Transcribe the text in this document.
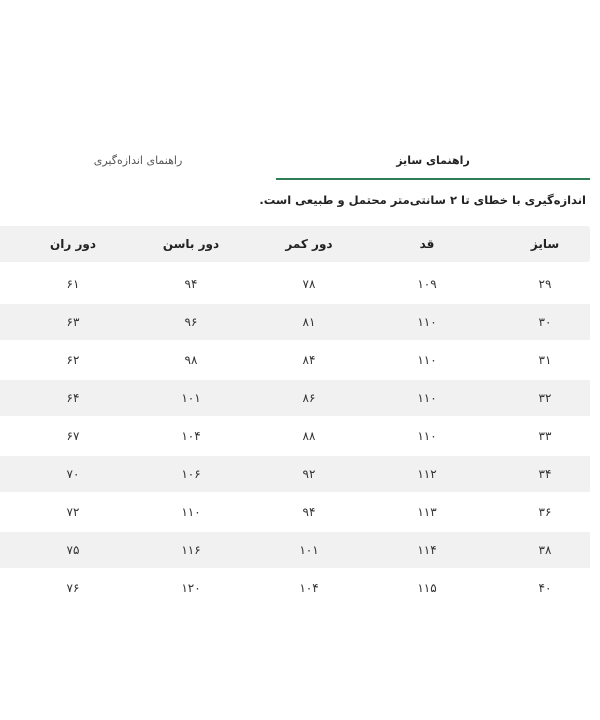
راهنمای سایز
راهنمای اندازه‌گیری
اندازه‌گیری با خطای تا ۲ سانتی‌متر محتمل و طبیعی است.
سایز
قد
دور کمر
دور باسن
دور ران
۲۹
۱۰۹
۷۸
۹۴
۶۱
۳۰
۱۱۰
۸۱
۹۶
۶۳
۳۱
۱۱۰
۸۴
۹۸
۶۲
۳۲
۱۱۰
۸۶
۱۰۱
۶۴
۳۳
۱۱۰
۸۸
۱۰۴
۶۷
۳۴
۱۱۲
۹۲
۱۰۶
۷۰
۳۶
۱۱۳
۹۴
۱۱۰
۷۲
۳۸
۱۱۴
۱۰۱
۱۱۶
۷۵
۴۰
۱۱۵
۱۰۴
۱۲۰
۷۶
